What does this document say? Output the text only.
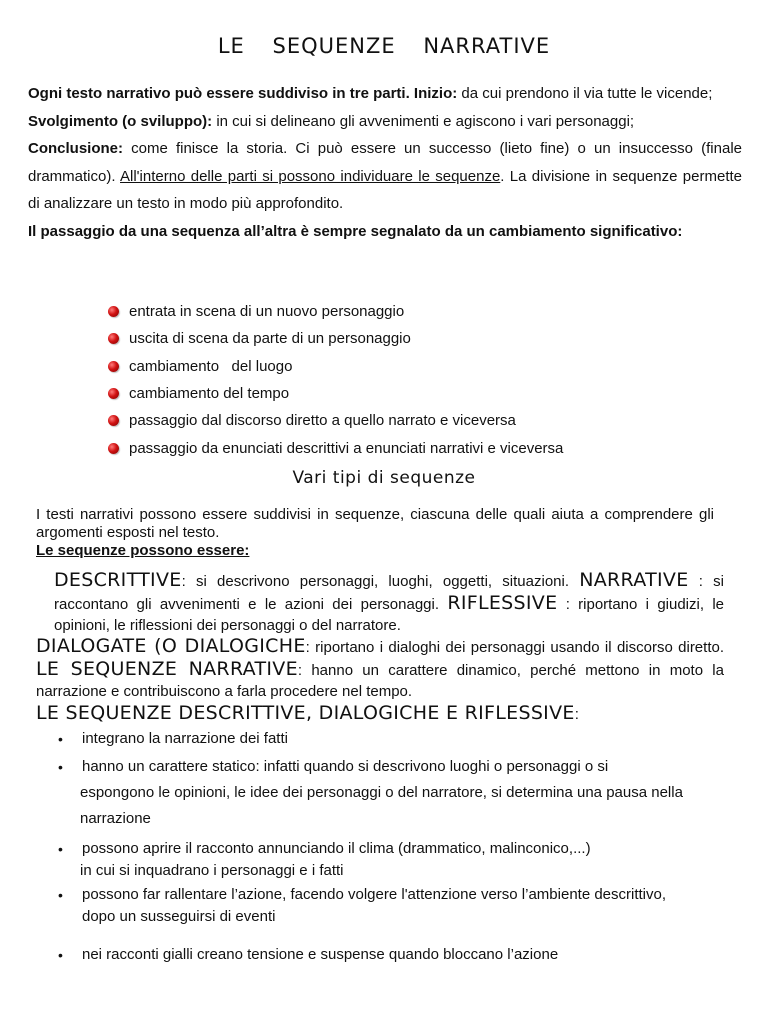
LE SEQUENZE NARRATIVE
Ogni testo narrativo può essere suddiviso in tre parti. Inizio: da cui prendono il via tutte le vicende;
Svolgimento (o sviluppo): in cui si delineano gli avvenimenti e agiscono i vari personaggi;
Conclusione: come finisce la storia. Ci può essere un successo (lieto fine) o un insuccesso (finale drammatico). All'interno delle parti si possono individuare le sequenze. La divisione in sequenze permette di analizzare un testo in modo più approfondito.
Il passaggio da una sequenza all’altra è sempre segnalato da un cambiamento significativo:
entrata in scena di un nuovo personaggio
uscita di scena da parte di un personaggio
cambiamento   del luogo
cambiamento del tempo
passaggio dal discorso diretto a quello narrato e viceversa
passaggio da enunciati descrittivi a enunciati narrativi e viceversa
Vari tipi di sequenze
I testi narrativi possono essere suddivisi in sequenze, ciascuna delle quali aiuta a comprendere gli argomenti esposti nel testo.
Le sequenze possono essere:
DESCRITTIVE: si descrivono personaggi, luoghi, oggetti, situazioni. NARRATIVE : si raccontano gli avvenimenti e le azioni dei personaggi. RIFLESSIVE : riportano i giudizi, le opinioni, le riflessioni dei personaggi o del narratore.
DIALOGATE (O DIALOGICHE: riportano i dialoghi dei personaggi usando il discorso diretto. LE SEQUENZE NARRATIVE: hanno un carattere dinamico, perché mettono in moto la narrazione e contribuiscono a farla procedere nel tempo.
LE SEQUENZE DESCRITTIVE, DIALOGICHE E RIFLESSIVE:
• integrano la narrazione dei fatti
• hanno un carattere statico: infatti quando si descrivono luoghi o personaggi o si
espongono le opinioni, le idee dei personaggi o del narratore, si determina una pausa nella narrazione
• possono aprire il racconto annunciando il clima (drammatico, malinconico,...)
in cui si inquadrano i personaggi e i fatti
• possono far rallentare l’azione, facendo volgere l'attenzione verso l’ambiente descrittivo,
dopo un susseguirsi di eventi
• nei racconti gialli creano tensione e suspense quando bloccano l’azione
